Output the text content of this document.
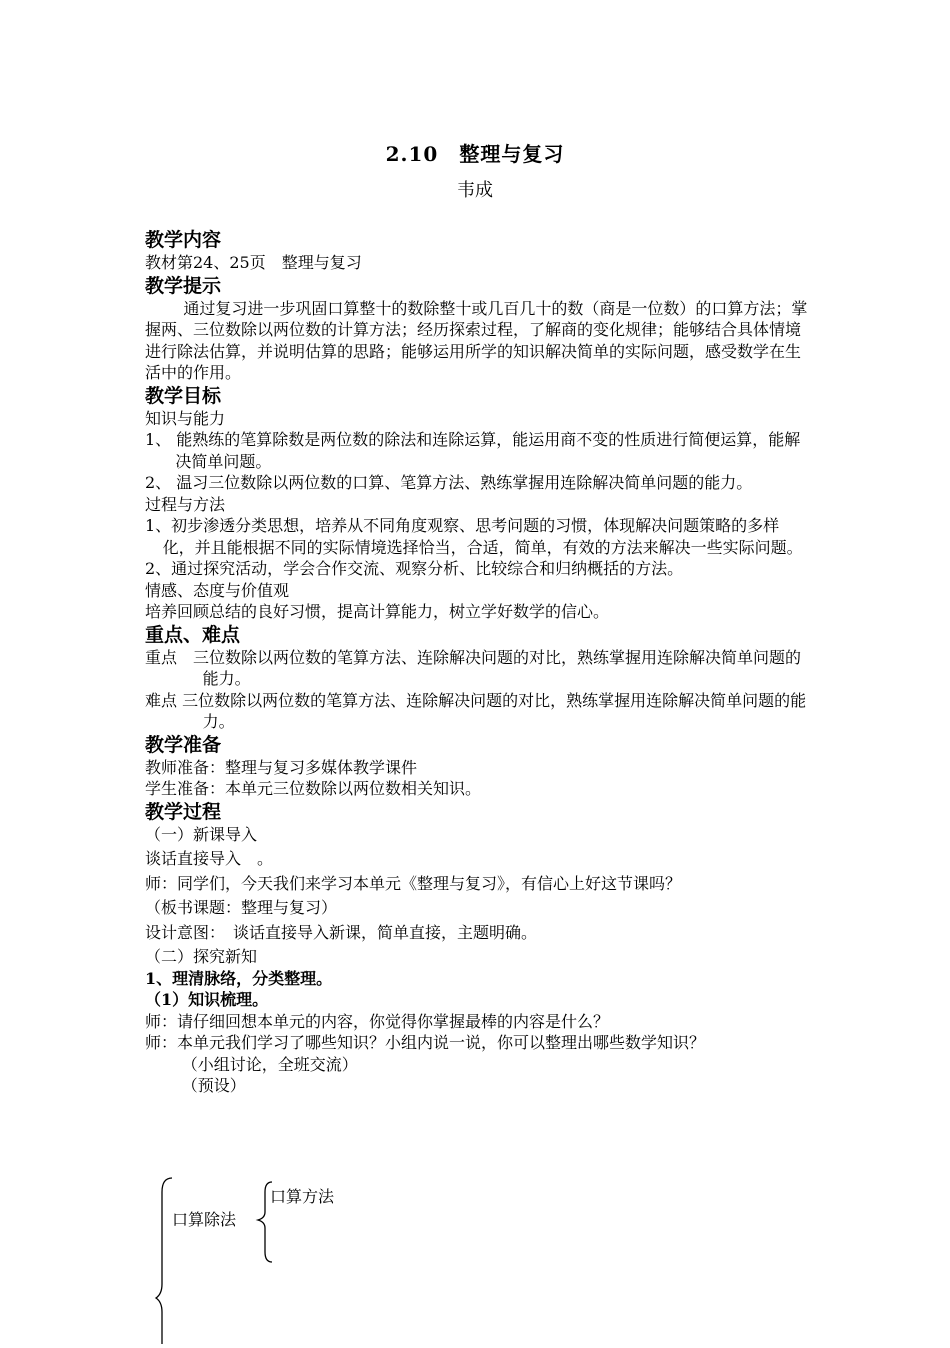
2.10　整理与复习
韦成

教学内容

教材第24、25页　整理与复习

教学提示

通过复习进一步巩固口算整十的数除整十或几百几十的数（商是一位数）的口算方法；掌握两、三位数除以两位数的计算方法；经历探索过程，了解商的变化规律；能够结合具体情境进行除法估算，并说明估算的思路；能够运用所学的知识解决简单的实际问题，感受数学在生活中的作用。

教学目标

知识与能力

1、 能熟练的笔算除数是两位数的除法和连除运算，能运用商不变的性质进行简便运算，能解决简单问题。

2、 温习三位数除以两位数的口算、笔算方法、熟练掌握用连除解决简单问题的能力。

过程与方法

1、初步渗透分类思想，培养从不同角度观察、思考问题的习惯，体现解决问题策略的多样化，并且能根据不同的实际情境选择恰当，合适，简单，有效的方法来解决一些实际问题。

2、通过探究活动，学会合作交流、观察分析、比较综合和归纳概括的方法。

情感、态度与价值观

培养回顾总结的良好习惯，提高计算能力，树立学好数学的信心。

重点、难点

重点　三位数除以两位数的笔算方法、连除解决问题的对比，熟练掌握用连除解决简单问题的能力。

难点 三位数除以两位数的笔算方法、连除解决问题的对比，熟练掌握用连除解决简单问题的能力。

教学准备

教师准备：整理与复习多媒体教学课件

学生准备：本单元三位数除以两位数相关知识。

教学过程

（一）新课导入

谈话直接导入　。

师：同学们，今天我们来学习本单元《整理与复习》，有信心上好这节课吗？

（板书课题：整理与复习）

设计意图：　谈话直接导入新课，简单直接，主题明确。

（二）探究新知

1、理清脉络，分类整理。

（1）知识梳理。

师：请仔细回想本单元的内容，你觉得你掌握最棒的内容是什么？

师：本单元我们学习了哪些知识？小组内说一说，你可以整理出哪些数学知识？

（小组讨论，全班交流）

（预设）

口算除法
口算方法
